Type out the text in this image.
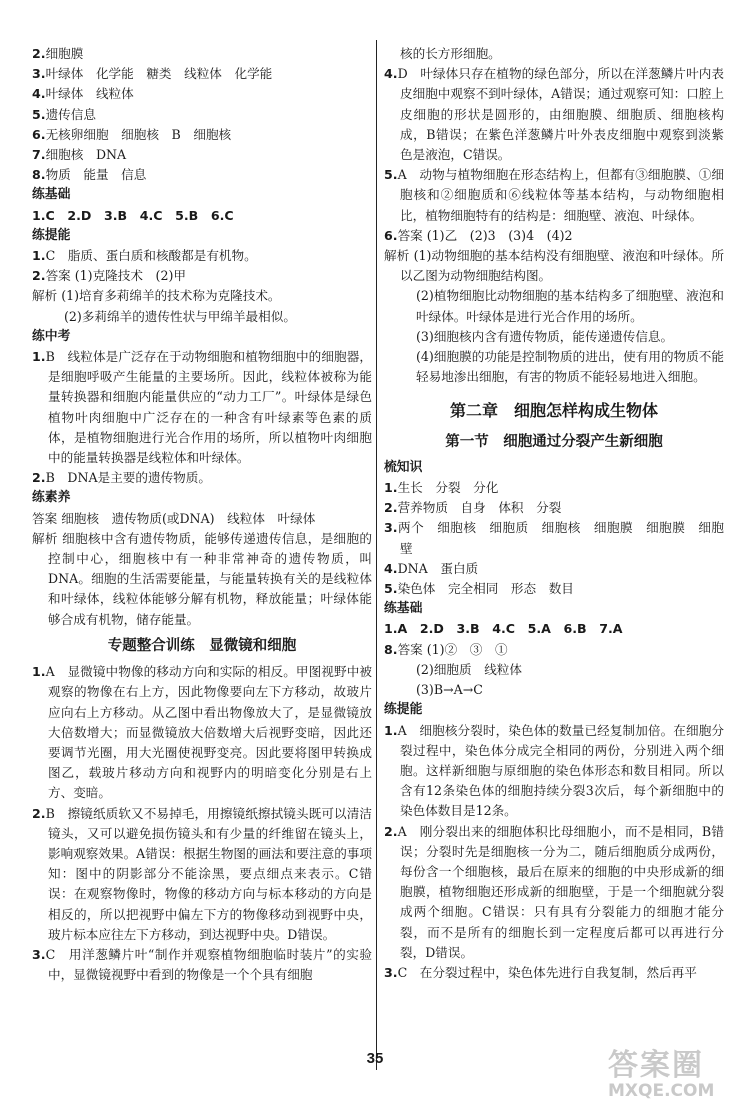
2.细胞膜

3.叶绿体　化学能　糖类　线粒体　化学能

4.叶绿体　线粒体

5.遗传信息

6.无核卵细胞　细胞核　B　细胞核

7.细胞核　DNA

8.物质　能量　信息

练基础

1.C　2.D　3.B　4.C　5.B　6.C

练提能

1.C　脂质、蛋白质和核酸都是有机物。

2.答案 (1)克隆技术　(2)甲

解析 (1)培育多莉绵羊的技术称为克隆技术。

(2)多莉绵羊的遗传性状与甲绵羊最相似。

练中考

1.B　线粒体是广泛存在于动物细胞和植物细胞中的细胞器，是细胞呼吸产生能量的主要场所。因此，线粒体被称为能量转换器和细胞内能量供应的“动力工厂”。叶绿体是绿色植物叶肉细胞中广泛存在的一种含有叶绿素等色素的质体，是植物细胞进行光合作用的场所，所以植物叶肉细胞中的能量转换器是线粒体和叶绿体。

2.B　DNA是主要的遗传物质。

练素养

答案 细胞核　遗传物质(或DNA)　线粒体　叶绿体

解析 细胞核中含有遗传物质，能够传递遗传信息，是细胞的控制中心，细胞核中有一种非常神奇的遗传物质，叫DNA。细胞的生活需要能量，与能量转换有关的是线粒体和叶绿体，线粒体能够分解有机物，释放能量；叶绿体能够合成有机物，储存能量。

专题整合训练　显微镜和细胞

1.A　显微镜中物像的移动方向和实际的相反。甲图视野中被观察的物像在右上方，因此物像要向左下方移动，故玻片应向右上方移动。从乙图中看出物像放大了，是显微镜放大倍数增大；而显微镜放大倍数增大后视野变暗，因此还要调节光圈，用大光圈使视野变亮。因此要将图甲转换成图乙，载玻片移动方向和视野内的明暗变化分别是右上方、变暗。

2.B　擦镜纸质软又不易掉毛，用擦镜纸擦拭镜头既可以清洁镜头，又可以避免损伤镜头和有少量的纤维留在镜头上，影响观察效果。A错误：根据生物图的画法和要注意的事项知：图中的阴影部分不能涂黑，要点细点来表示。C错误：在观察物像时，物像的移动方向与标本移动的方向是相反的，所以把视野中偏左下方的物像移动到视野中央，玻片标本应往左下方移动，到达视野中央。D错误。

3.C　用洋葱鳞片叶“制作并观察植物细胞临时装片”的实验中，显微镜视野中看到的物像是一个个具有细胞

核的长方形细胞。

4.D　叶绿体只存在植物的绿色部分，所以在洋葱鳞片叶内表皮细胞中观察不到叶绿体，A错误；通过观察可知：口腔上皮细胞的形状是圆形的，由细胞膜、细胞质、细胞核构成，B错误；在紫色洋葱鳞片叶外表皮细胞中观察到淡紫色是液泡，C错误。

5.A　动物与植物细胞在形态结构上，但都有③细胞膜、①细胞核和②细胞质和⑥线粒体等基本结构，与动物细胞相比，植物细胞特有的结构是：细胞壁、液泡、叶绿体。

6.答案 (1)乙　(2)3　(3)4　(4)2

解析 (1)动物细胞的基本结构没有细胞壁、液泡和叶绿体。所以乙图为动物细胞结构图。

(2)植物细胞比动物细胞的基本结构多了细胞壁、液泡和叶绿体。叶绿体是进行光合作用的场所。

(3)细胞核内含有遗传物质，能传递遗传信息。

(4)细胞膜的功能是控制物质的进出，使有用的物质不能轻易地渗出细胞，有害的物质不能轻易地进入细胞。

第二章　细胞怎样构成生物体

第一节　细胞通过分裂产生新细胞

梳知识

1.生长　分裂　分化

2.营养物质　自身　体积　分裂

3.两个　细胞核　细胞质　细胞核　细胞膜　细胞膜　细胞壁

4.DNA　蛋白质

5.染色体　完全相同　形态　数目

练基础

1.A　2.D　3.B　4.C　5.A　6.B　7.A

8.答案 (1)②　③　①

(2)细胞质　线粒体

(3)B→A→C

练提能

1.A　细胞核分裂时，染色体的数量已经复制加倍。在细胞分裂过程中，染色体分成完全相同的两份，分别进入两个细胞。这样新细胞与原细胞的染色体形态和数目相同。所以含有12条染色体的细胞持续分裂3次后，每个新细胞中的染色体数目是12条。

2.A　刚分裂出来的细胞体积比母细胞小，而不是相同，B错误；分裂时先是细胞核一分为二，随后细胞质分成两份，每份含一个细胞核，最后在原来的细胞的中央形成新的细胞膜，植物细胞还形成新的细胞壁，于是一个细胞就分裂成两个细胞。C错误：只有具有分裂能力的细胞才能分裂，而不是所有的细胞长到一定程度后都可以再进行分裂，D错误。

3.C　在分裂过程中，染色体先进行自我复制，然后再平

35	答案圈
MXQE.COM
